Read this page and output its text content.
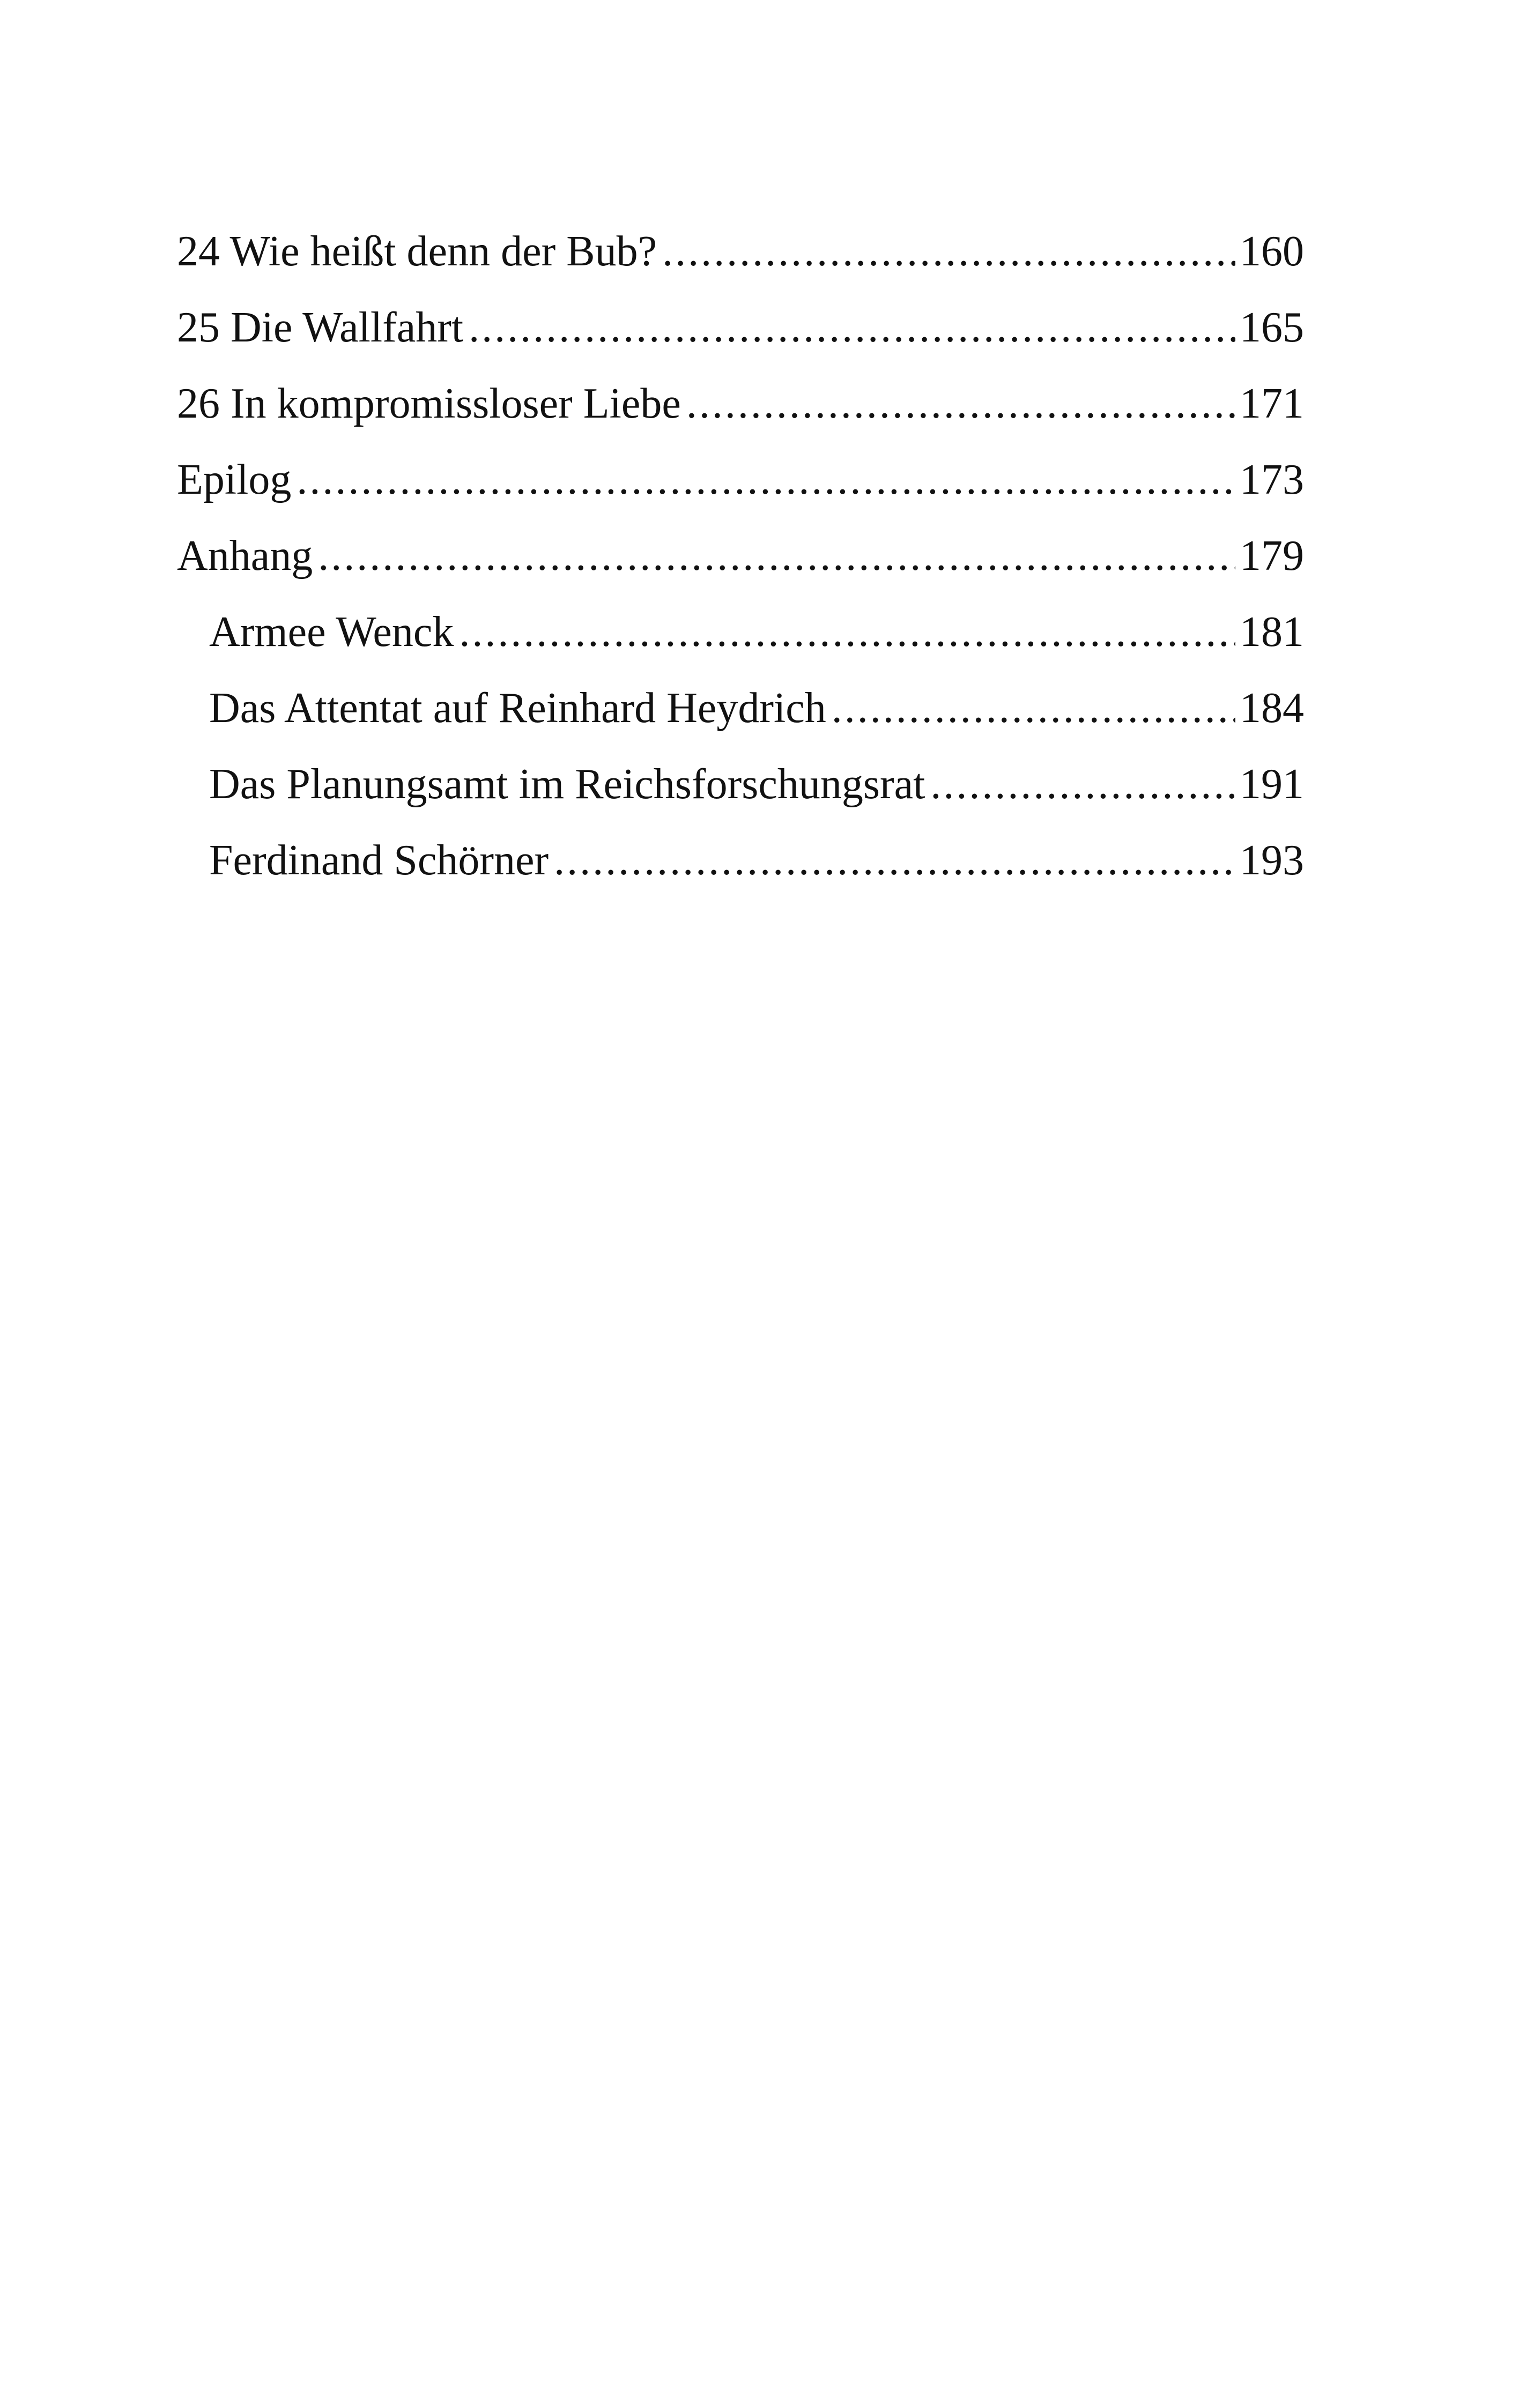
24 Wie heißt denn der Bub? .....	160
25 Die Wallfahrt .....	165
26 In kompromissloser Liebe .....	171
Epilog .....	173
Anhang .....	179
Armee Wenck .....	181
Das Attentat auf Reinhard Heydrich .....	184
Das Planungsamt im Reichsforschungsrat .....	191
Ferdinand Schörner .....	193
